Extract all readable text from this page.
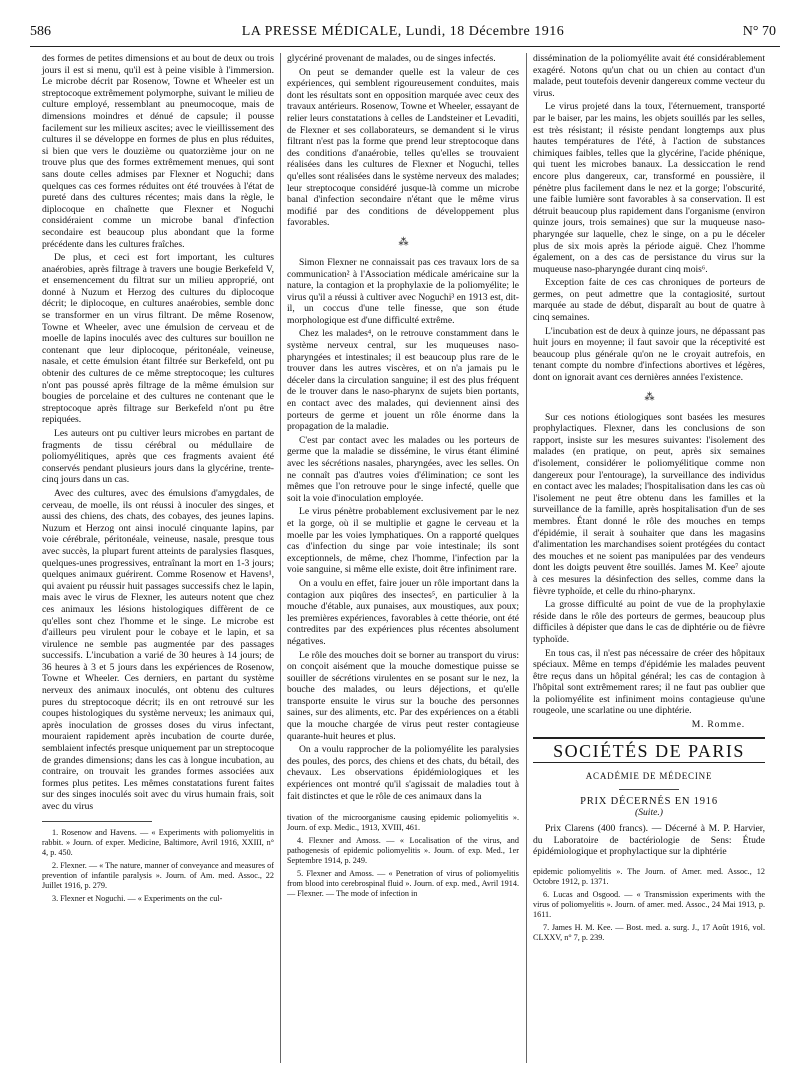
586	LA PRESSE MÉDICALE, Lundi, 18 Décembre 1916	N° 70

des formes de petites dimensions et au bout de deux ou trois jours il est si menu, qu'il est à peine visible à l'immersion. Le microbe décrit par Rosenow, Towne et Wheeler est un streptocoque extrêmement polymorphe, suivant le milieu de culture employé, ressemblant au pneumocoque, mais de dimensions moindres et dénué de capsule; il pousse facilement sur les milieux ascites; avec le vieillissement des cultures il se développe en formes de plus en plus réduites, si bien que vers le douzième ou quatorzième jour on ne trouve plus que des formes extrêmement menues, qui sont sans doute celles admises par Flexner et Noguchi; dans quelques cas ces formes réduites ont été trouvées à l'état de pureté dans des cultures récentes; mais dans la règle, le diplocoque en chaînette que Flexner et Noguchi considéraient comme un microbe banal d'infection secondaire est beaucoup plus abondant que la forme précédente dans les cultures fraîches.

De plus, et ceci est fort important, les cultures anaérobies, après filtrage à travers une bougie Berkefeld V, et ensemencement du filtrat sur un milieu approprié, ont donné à Nuzum et Herzog des cultures du diplocoque décrit; le diplocoque, en cultures anaérobies, semble donc se transformer en un virus filtrant. De même Rosenow, Towne et Wheeler, avec une émulsion de cerveau et de moelle de lapins inoculés avec des cultures sur bouillon ne contenant que leur diplocoque, péritonéale, veineuse, nasale, et cette émulsion étant filtrée sur Berkefeld, ont pu obtenir des cultures de ce même streptocoque; les cultures n'ont pas poussé après filtrage de la même émulsion sur bougies de porcelaine et des cultures ne contenant que le streptocoque après filtrage sur Berkefeld n'ont pu être repiquées.

Les auteurs ont pu cultiver leurs microbes en partant de fragments de tissu cérébral ou médullaire de poliomyélitiques, après que ces fragments avaient été conservés pendant plusieurs jours dans la glycérine, trente-cinq jours dans un cas.

Avec des cultures, avec des émulsions d'amygdales, de cerveau, de moelle, ils ont réussi à inoculer des singes, et aussi des chiens, des chats, des cobayes, des jeunes lapins. Nuzum et Herzog ont ainsi inoculé cinquante lapins, par voie cérébrale, péritonéale, veineuse, nasale, presque tous avec succès, la plupart furent atteints de paralysies flasques, quelques-unes progressives, entraînant la mort en 1-3 jours; quelques animaux guérirent. Comme Rosenow et Havens¹, qui avaient pu réussir huit passages successifs chez le lapin, mais avec le virus de Flexner, les auteurs notent que chez ces animaux les lésions histologiques diffèrent de ce qu'elles sont chez l'homme et le singe. Le microbe est d'ailleurs peu virulent pour le cobaye et le lapin, et sa virulence ne semble pas augmentée par des passages successifs. L'incubation a varié de 30 heures à 14 jours; de 36 heures à 3 et 5 jours dans les expériences de Rosenow, Towne et Wheeler. Ces derniers, en partant du système nerveux des animaux inoculés, ont obtenu des cultures pures du streptocoque décrit; ils en ont retrouvé sur les coupes histologiques du système nerveux; les animaux qui, après inoculation de grosses doses du virus infectant, mouraient rapidement après incubation de courte durée, semblaient infectés presque uniquement par un streptocoque de grandes dimensions; dans les cas à longue incubation, au contraire, on trouvait les grandes formes associées aux formes plus petites. Les mêmes constatations furent faites sur des singes inoculés soit avec du virus humain frais, soit avec du virus

1. Rosenow and Havens. — « Experiments with poliomyelitis in rabbit. » Journ. of exper. Medicine, Baltimore, Avril 1916, XXIII, n° 4, p. 450.

2. Flexner. — « The nature, manner of conveyance and measures of prevention of infantile paralysis ». Journ. of Am. med. Assoc., 22 Juillet 1916, p. 279.

3. Flexner et Noguchi. — « Experiments on the cul-

glycériné provenant de malades, ou de singes infectés.

On peut se demander quelle est la valeur de ces expériences, qui semblent rigoureusement conduites, mais dont les résultats sont en opposition marquée avec ceux des travaux antérieurs. Rosenow, Towne et Wheeler, essayant de relier leurs constatations à celles de Landsteiner et Levaditi, de Flexner et ses collaborateurs, se demandent si le virus filtrant n'est pas la forme que prend leur streptocoque dans des conditions d'anaérobie, telles qu'elles se trouvaient réalisées dans les cultures de Flexner et Noguchi, telles qu'elles sont réalisées dans le système nerveux des malades; leur streptocoque considéré jusque-là comme un microbe banal d'infection secondaire n'étant que le même virus modifié par des conditions de développement plus favorables.

⁂

Simon Flexner ne connaissait pas ces travaux lors de sa communication² à l'Association médicale américaine sur la nature, la contagion et la prophylaxie de la poliomyélite; le virus qu'il a réussi à cultiver avec Noguchi³ en 1913 est, dit-il, un coccus d'une telle finesse, que son étude morphologique est d'une difficulté extrême.

Chez les malades⁴, on le retrouve constamment dans le système nerveux central, sur les muqueuses naso-pharyngées et intestinales; il est beaucoup plus rare de le trouver dans les autres viscères, et on n'a jamais pu le déceler dans la circulation sanguine; il est des plus fréquent de le trouver dans le naso-pharynx de sujets bien portants, en contact avec des malades, qui deviennent ainsi des porteurs de germe et jouent un rôle énorme dans la propagation de la maladie.

C'est par contact avec les malades ou les porteurs de germe que la maladie se dissémine, le virus étant éliminé avec les sécrétions nasales, pharyngées, avec les selles. On ne connaît pas d'autres voies d'élimination; ce sont les mêmes que l'on retrouve pour le singe infecté, quelle que soit la voie d'inoculation employée.

Le virus pénètre probablement exclusivement par le nez et la gorge, où il se multiplie et gagne le cerveau et la moelle par les voies lymphatiques. On a rapporté quelques cas d'infection du singe par voie intestinale; ils sont exceptionnels, de même, chez l'homme, l'infection par la voie sanguine, si même elle existe, doit être infiniment rare.

On a voulu en effet, faire jouer un rôle important dans la contagion aux piqûres des insectes⁵, en particulier à la mouche d'étable, aux punaises, aux moustiques, aux poux; les premières expériences, favorables à cette théorie, ont été contredites par des expériences plus récentes absolument négatives.

Le rôle des mouches doit se borner au transport du virus: on conçoit aisément que la mouche domestique puisse se souiller de sécrétions virulentes en se posant sur le nez, la bouche des malades, ou leurs déjections, et qu'elle transporte ensuite le virus sur la bouche des personnes saines, sur des aliments, etc. Par des expériences on a établi que la mouche chargée de virus peut rester contagieuse quarante-huit heures et plus.

On a voulu rapprocher de la poliomyélite les paralysies des poules, des porcs, des chiens et des chats, du bétail, des chevaux. Les observations épidémiologiques et les expériences ont montré qu'il s'agissait de maladies tout à fait distinctes et que le rôle de ces animaux dans la

tivation of the microorganisme causing epidemic poliomyelitis ». Journ. of exp. Medic., 1913, XVIII, 461.

4. Flexner and Amoss. — « Localisation of the virus, and pathogenesis of epidemic poliomyelitis ». Journ. of exp. Med., 1er Septembre 1914, p. 249.

5. Flexner and Amoss. — « Penetration of virus of poliomyelitis from blood into cerebrospinal fluid ». Journ. of exp. med., Avril 1914. — Flexner. — The mode of infection in

dissémination de la poliomyélite avait été considérablement exagéré. Notons qu'un chat ou un chien au contact d'un malade, peut toutefois devenir dangereux comme vecteur du virus.

Le virus projeté dans la toux, l'éternuement, transporté par le baiser, par les mains, les objets souillés par les selles, est très résistant; il résiste pendant longtemps aux plus hautes températures de l'été, à l'action de substances chimiques faibles, telles que la glycérine, l'acide phénique, qui tuent les microbes banaux. La dessiccation le rend encore plus dangereux, car, transformé en poussière, il pénètre plus facilement dans le nez et la gorge; l'obscurité, une faible lumière sont favorables à sa conservation. Il est détruit beaucoup plus rapidement dans l'organisme (environ quinze jours, trois semaines) que sur la muqueuse naso-pharyngée sur laquelle, chez le singe, on a pu le déceler plus de six mois après la période aiguë. Chez l'homme également, on a des cas de persistance du virus sur la muqueuse naso-pharyngée durant cinq mois⁶.

Exception faite de ces cas chroniques de porteurs de germes, on peut admettre que la contagiosité, surtout marquée au stade de début, disparaît au bout de quatre à cinq semaines.

L'incubation est de deux à quinze jours, ne dépassant pas huit jours en moyenne; il faut savoir que la réceptivité est beaucoup plus générale qu'on ne le croyait autrefois, en tenant compte du nombre d'infections abortives et légères, dont on ignorait avant ces dernières années l'existence.

⁂

Sur ces notions étiologiques sont basées les mesures prophylactiques. Flexner, dans les conclusions de son rapport, insiste sur les mesures suivantes: l'isolement des malades (en pratique, on peut, après six semaines d'isolement, considérer le poliomyélitique comme non dangereux pour l'entourage), la surveillance des individus en contact avec les malades; l'hospitalisation dans les cas où l'isolement ne peut être obtenu dans les familles et la surveillance de la famille, après hospitalisation d'un de ses membres. Étant donné le rôle des mouches en temps d'épidémie, il serait à souhaiter que dans les magasins d'alimentation les marchandises soient protégées du contact des mouches et ne soient pas manipulées par des vendeurs dont les doigts peuvent être souillés. James M. Kee⁷ ajoute à ces mesures la désinfection des selles, comme dans la fièvre typhoïde, et celle du rhino-pharynx.

La grosse difficulté au point de vue de la prophylaxie réside dans le rôle des porteurs de germes, beaucoup plus difficiles à dépister que dans le cas de diphtérie ou de fièvre typhoïde.

En tous cas, il n'est pas nécessaire de créer des hôpitaux spéciaux. Même en temps d'épidémie les malades peuvent être reçus dans un hôpital général; les cas de contagion à l'hôpital sont extrêmement rares; il ne faut pas oublier que la poliomyélite est infiniment moins contagieuse qu'une rougeole, une scarlatine ou une diphtérie.

M. Romme.

SOCIÉTÉS DE PARIS
ACADÉMIE DE MÉDECINE
PRIX DÉCERNÉS EN 1916
(Suite.)

Prix Clarens (400 francs). — Décerné à M. P. Harvier, du Laboratoire de bactériologie de Sens: Étude épidémiologique et prophylactique sur la diphtérie

epidemic poliomyelitis ». The Journ. of Amer. med. Assoc., 12 Octobre 1912, p. 1371.

6. Lucas and Osgood. — « Transmission experiments with the virus of poliomyelitis ». Journ. of amer. med. Assoc., 24 Mai 1913, p. 1611.

7. James H. M. Kee. — Bost. med. a. surg. J., 17 Août 1916, vol. CLXXV, n° 7, p. 239.
